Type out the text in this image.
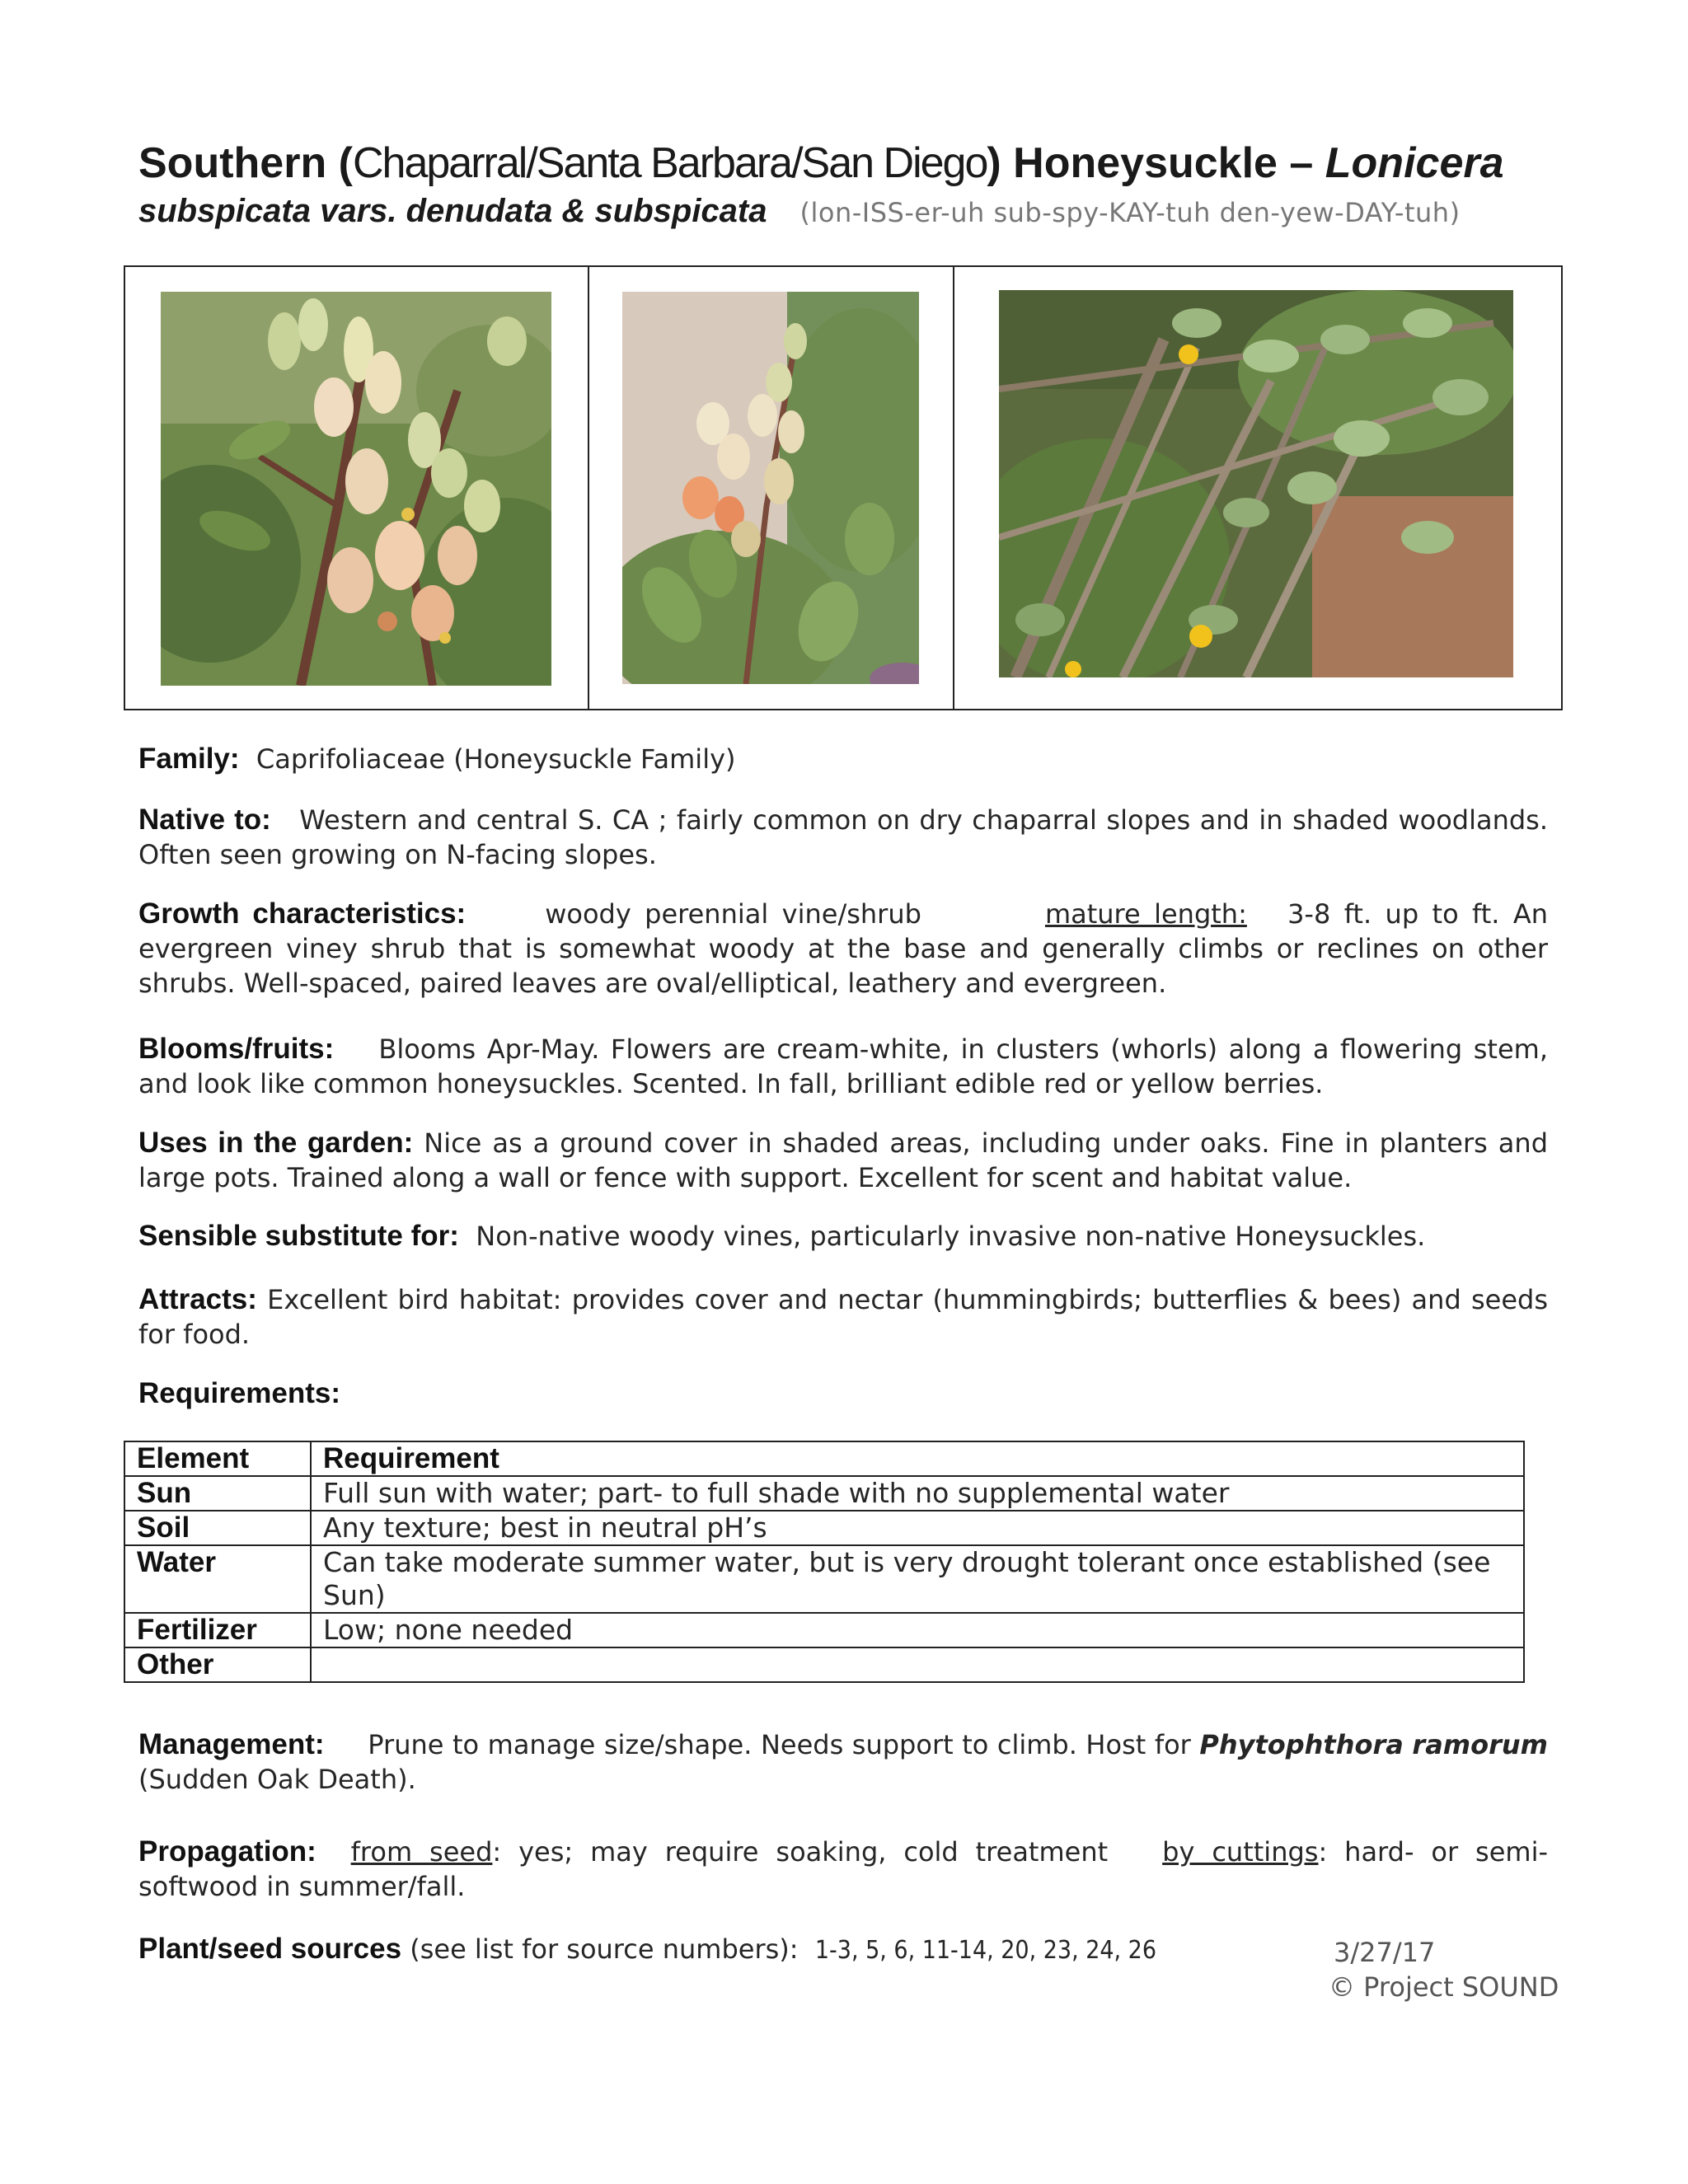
Southern (Chaparral/Santa Barbara/San Diego) Honeysuckle – Lonicera
subspicata vars. denudata & subspicata (lon-ISS-er-uh sub-spy-KAY-tuh den-yew-DAY-tuh)
Family: Caprifoliaceae (Honeysuckle Family)
Native to: Western and central S. CA ; fairly common on dry chaparral slopes and in shaded woodlands. Often seen growing on N-facing slopes.
Growth characteristics:	woody perennial vine/shrub	mature length: 3-8 ft. up to ft. An evergreen viney shrub that is somewhat woody at the base and generally climbs or reclines on other shrubs. Well-spaced, paired leaves are oval/elliptical, leathery and evergreen.
Blooms/fruits: Blooms Apr-May. Flowers are cream-white, in clusters (whorls) along a flowering stem, and look like common honeysuckles. Scented. In fall, brilliant edible red or yellow berries.
Uses in the garden: Nice as a ground cover in shaded areas, including under oaks. Fine in planters and large pots. Trained along a wall or fence with support. Excellent for scent and habitat value.
Sensible substitute for: Non-native woody vines, particularly invasive non-native Honeysuckles.
Attracts: Excellent bird habitat: provides cover and nectar (hummingbirds; butterflies & bees) and seeds for food.
Requirements:
Element	Requirement
Sun	Full sun with water; part- to full shade with no supplemental water
Soil	Any texture; best in neutral pH’s
Water	Can take moderate summer water, but is very drought tolerant once established (see Sun)
Fertilizer	Low; none needed
Other	
Management: Prune to manage size/shape. Needs support to climb. Host for Phytophthora ramorum (Sudden Oak Death).
Propagation: from seed: yes; may require soaking, cold treatment by cuttings: hard- or semi-softwood in summer/fall.
Plant/seed sources (see list for source numbers): 1-3, 5, 6, 11-14, 20, 23, 24, 26	3/27/17
© Project SOUND
